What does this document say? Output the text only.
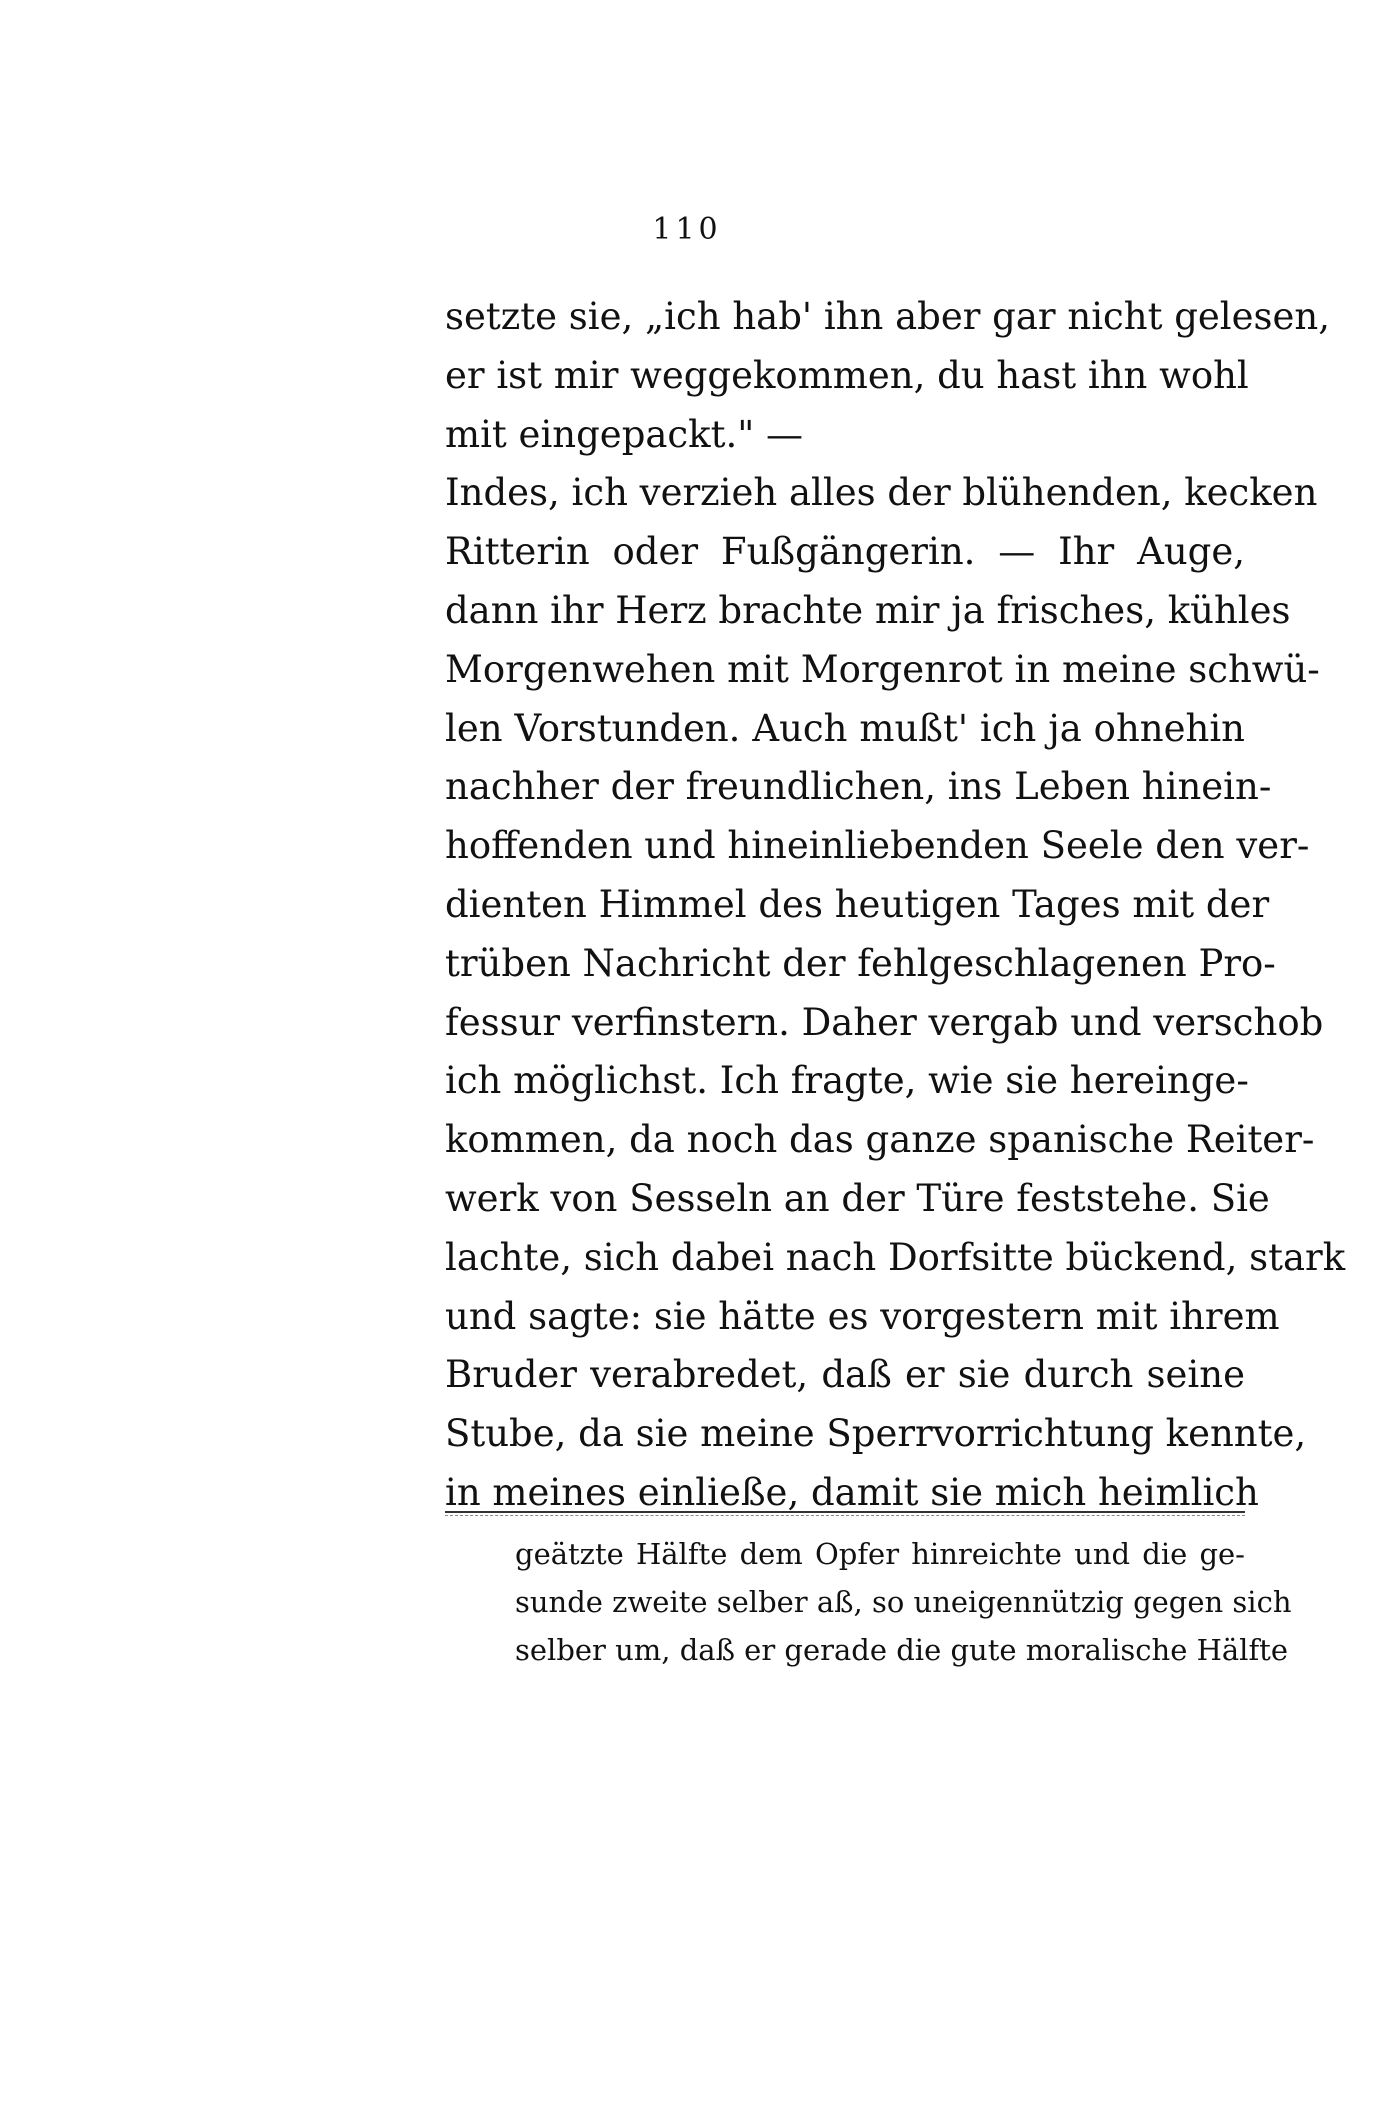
110
setzte sie, „ich hab' ihn aber gar nicht gelesen,
er ist mir weggekommen, du hast ihn wohl
mit eingepackt." —
Indes, ich verzieh alles der blühenden, kecken
Ritterin oder Fußgängerin. — Ihr Auge,
dann ihr Herz brachte mir ja frisches, kühles
Morgenwehen mit Morgenrot in meine schwü-
len Vorstunden. Auch mußt' ich ja ohnehin
nachher der freundlichen, ins Leben hinein-
hoffenden und hineinliebenden Seele den ver-
dienten Himmel des heutigen Tages mit der
trüben Nachricht der fehlgeschlagenen Pro-
fessur verfinstern. Daher vergab und verschob
ich möglichst. Ich fragte, wie sie hereinge-
kommen, da noch das ganze spanische Reiter-
werk von Sesseln an der Türe feststehe. Sie
lachte, sich dabei nach Dorfsitte bückend, stark
und sagte: sie hätte es vorgestern mit ihrem
Bruder verabredet, daß er sie durch seine
Stube, da sie meine Sperrvorrichtung kennte,
in meines einließe, damit sie mich heimlich
geätzte Hälfte dem Opfer hinreichte und die ge-
sunde zweite selber aß, so uneigennützig gegen sich
selber um, daß er gerade die gute moralische Hälfte
